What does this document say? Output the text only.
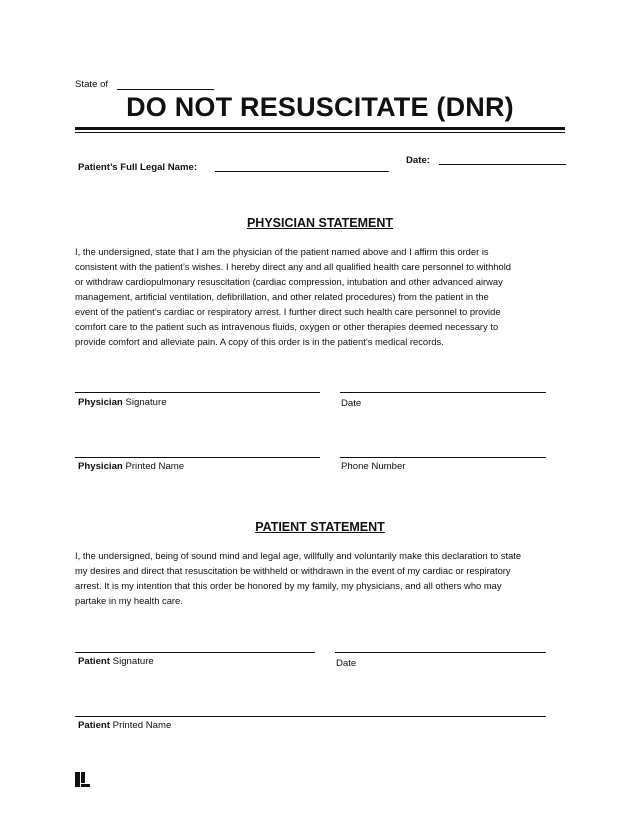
State of
DO NOT RESUSCITATE (DNR)
Patient’s Full Legal Name:
Date:
PHYSICIAN STATEMENT
I, the undersigned, state that I am the physician of the patient named above and I affirm this order is
consistent with the patient’s wishes. I hereby direct any and all qualified health care personnel to withhold
or withdraw cardiopulmonary resuscitation (cardiac compression, intubation and other advanced airway
management, artificial ventilation, defibrillation, and other related procedures) from the patient in the
event of the patient’s cardiac or respiratory arrest. I further direct such health care personnel to provide
comfort care to the patient such as intravenous fluids, oxygen or other therapies deemed necessary to
provide comfort and alleviate pain. A copy of this order is in the patient’s medical records.
Physician Signature	Date
Physician Printed Name	Phone Number
PATIENT STATEMENT
I, the undersigned, being of sound mind and legal age, willfully and voluntarily make this declaration to state
my desires and direct that resuscitation be withheld or withdrawn in the event of my cardiac or respiratory
arrest. It is my intention that this order be honored by my family, my physicians, and all others who may
partake in my health care.
Patient Signature	Date
Patient Printed Name
